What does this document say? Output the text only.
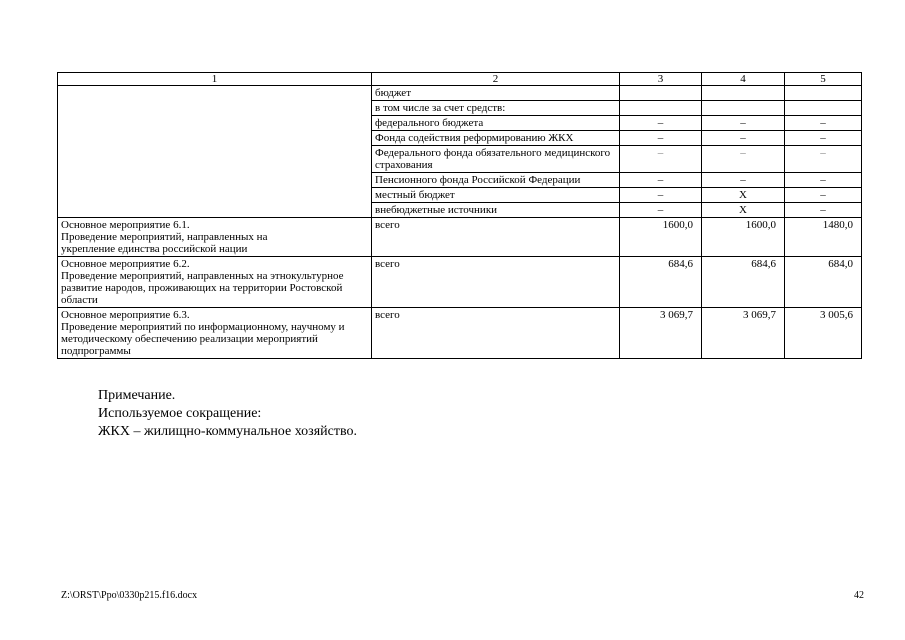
1	2	3	4	5
	бюджет			
	в том числе за счет средств:			
	федерального бюджета	–	–	–
	Фонда содействия реформированию ЖКХ	–	–	–
	Федерального фонда обязательного медицинского страхования	–	–	–
	Пенсионного фонда Российской Федерации	–	–	–
	местный бюджет	–	Х	–
	внебюджетные источники	–	Х	–

Основное мероприятие 6.1.
Проведение мероприятий, направленных на укрепление единства российской нации	всего	1600,0	1600,0	1480,0

Основное мероприятие 6.2.
Проведение мероприятий, направленных на этнокультурное развитие народов, проживающих на территории Ростовской области	всего	684,6	684,6	684,0

Основное мероприятие 6.3.
Проведение мероприятий по информационному, научному и методическому обеспечению реализации мероприятий подпрограммы	всего	3 069,7	3 069,7	3 005,6
Примечание.
Используемое сокращение:
ЖКХ – жилищно-коммунальное хозяйство.
Z:\ORST\Ppo\0330p215.f16.docx	42
